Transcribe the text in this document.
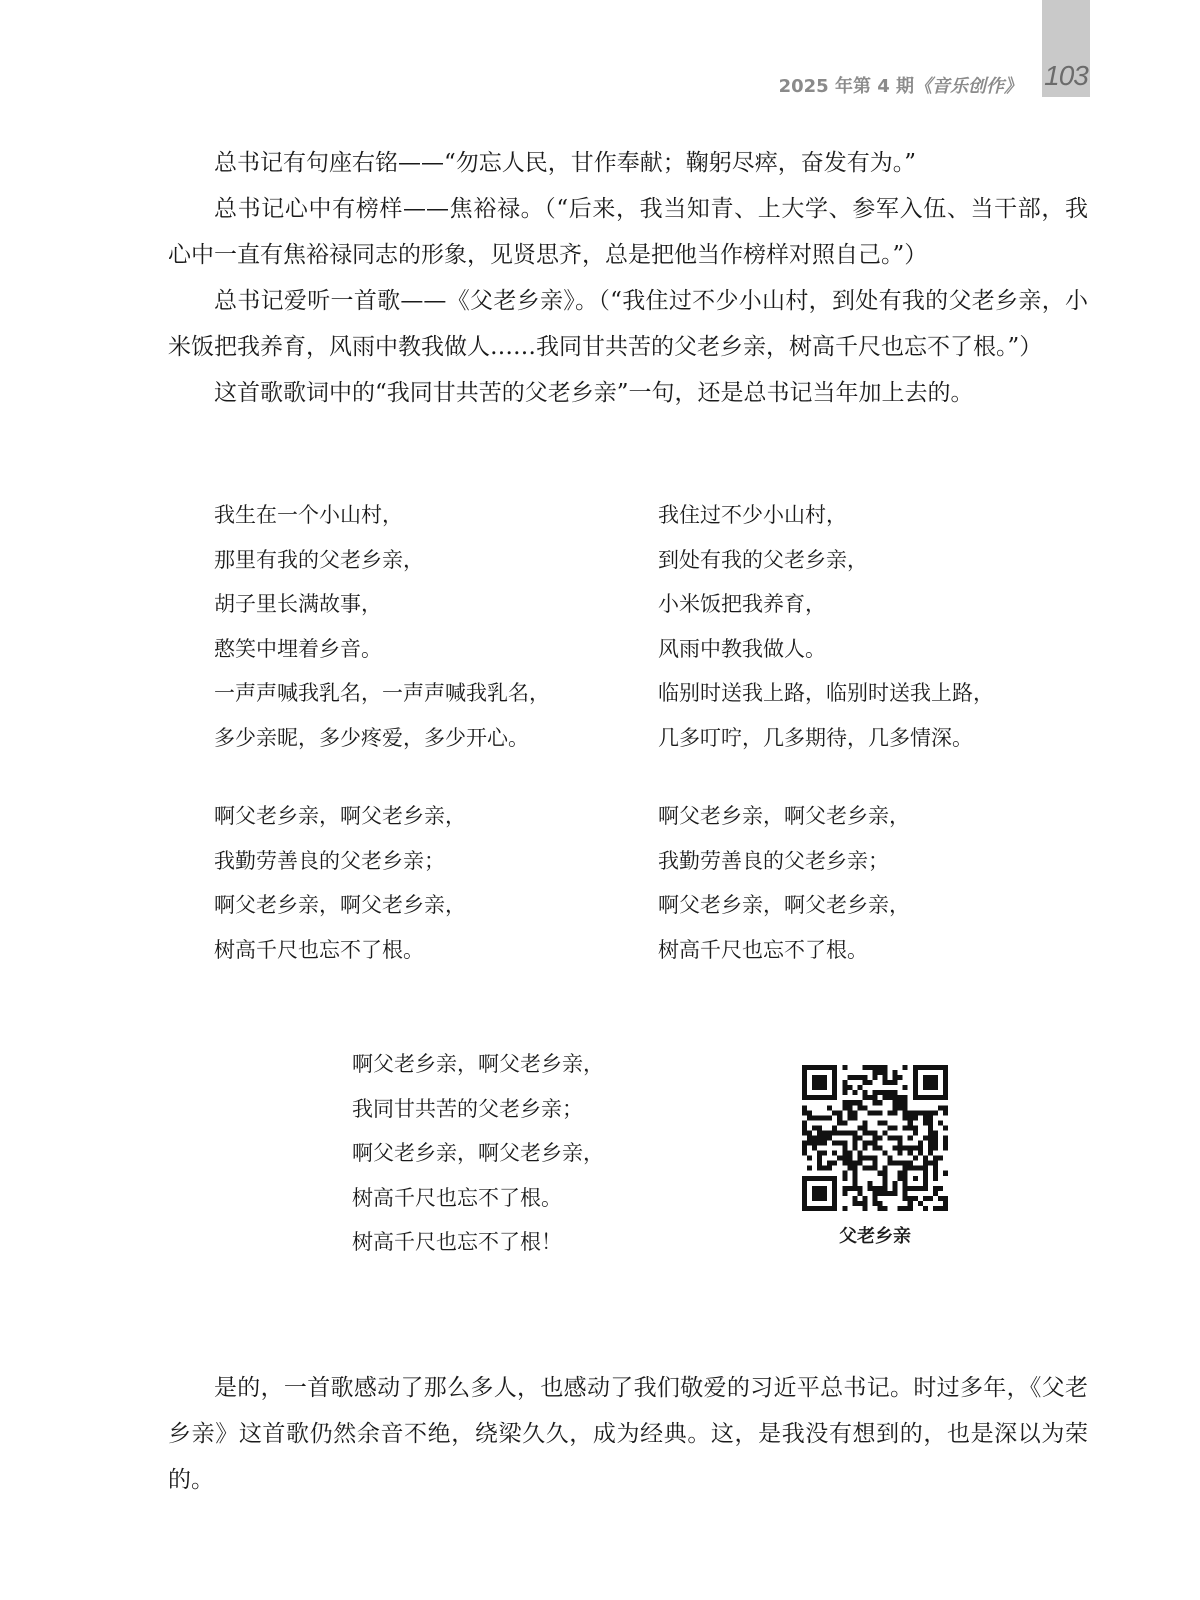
103
2025 年第 4 期《音乐创作》

总书记有句座右铭——“勿忘人民，甘作奉献；鞠躬尽瘁，奋发有为。”

总书记心中有榜样——焦裕禄。（“后来，我当知青、上大学、参军入伍、当干部，我心中一直有焦裕禄同志的形象，见贤思齐，总是把他当作榜样对照自己。”）

总书记爱听一首歌——《父老乡亲》。（“我住过不少小山村，到处有我的父老乡亲，小米饭把我养育，风雨中教我做人……我同甘共苦的父老乡亲，树高千尺也忘不了根。”）

这首歌歌词中的“我同甘共苦的父老乡亲”一句，还是总书记当年加上去的。

我生在一个小山村，
那里有我的父老乡亲，
胡子里长满故事，
憨笑中埋着乡音。
一声声喊我乳名，一声声喊我乳名，
多少亲昵，多少疼爱，多少开心。
我住过不少小山村，
到处有我的父老乡亲，
小米饭把我养育，
风雨中教我做人。
临别时送我上路，临别时送我上路，
几多叮咛，几多期待，几多情深。
啊父老乡亲，啊父老乡亲，
我勤劳善良的父老乡亲；
啊父老乡亲，啊父老乡亲，
树高千尺也忘不了根。
啊父老乡亲，啊父老乡亲，
我勤劳善良的父老乡亲；
啊父老乡亲，啊父老乡亲，
树高千尺也忘不了根。
啊父老乡亲，啊父老乡亲，
我同甘共苦的父老乡亲；
啊父老乡亲，啊父老乡亲，
树高千尺也忘不了根。
树高千尺也忘不了根！	父老乡亲

是的，一首歌感动了那么多人，也感动了我们敬爱的习近平总书记。时过多年，《父老乡亲》这首歌仍然余音不绝，绕梁久久，成为经典。这，是我没有想到的，也是深以为荣的。
